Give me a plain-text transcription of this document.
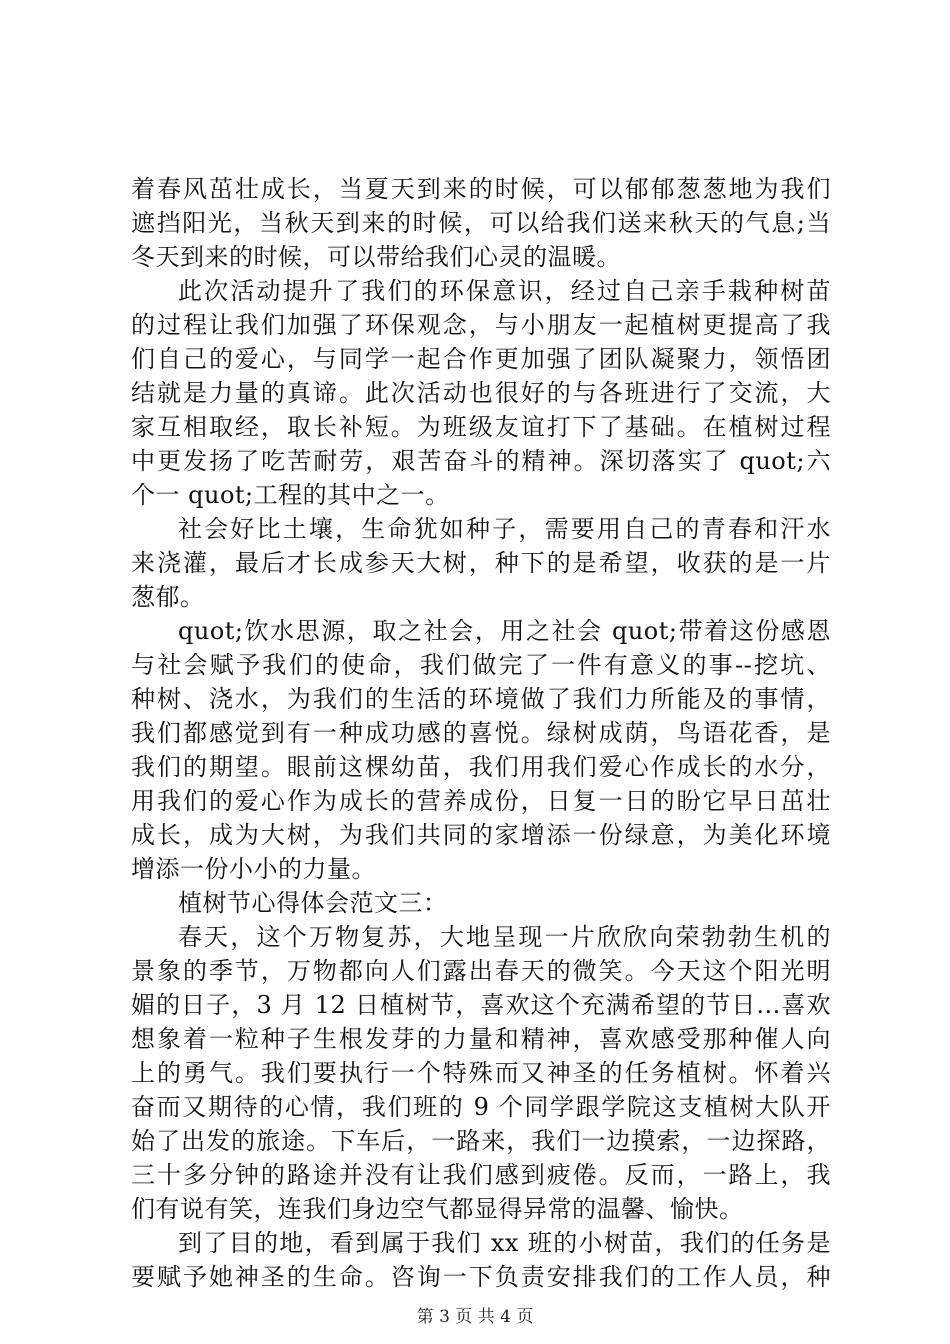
着春风茁壮成长，当夏天到来的时候，可以郁郁葱葱地为我们
遮挡阳光，当秋天到来的时候，可以给我们送来秋天的气息;当
冬天到来的时候，可以带给我们心灵的温暖。
此次活动提升了我们的环保意识，经过自己亲手栽种树苗
的过程让我们加强了环保观念，与小朋友一起植树更提高了我
们自己的爱心，与同学一起合作更加强了团队凝聚力，领悟团
结就是力量的真谛。此次活动也很好的与各班进行了交流，大
家互相取经，取长补短。为班级友谊打下了基础。在植树过程
中更发扬了吃苦耐劳，艰苦奋斗的精神。深切落实了 quot;六
个一 quot;工程的其中之一。
社会好比土壤，生命犹如种子，需要用自己的青春和汗水
来浇灌，最后才长成参天大树，种下的是希望，收获的是一片
葱郁。
quot;饮水思源，取之社会，用之社会 quot;带着这份感恩
与社会赋予我们的使命，我们做完了一件有意义的事--挖坑、
种树、浇水，为我们的生活的环境做了我们力所能及的事情，
我们都感觉到有一种成功感的喜悦。绿树成荫，鸟语花香，是
我们的期望。眼前这棵幼苗，我们用我们爱心作成长的水分，
用我们的爱心作为成长的营养成份，日复一日的盼它早日茁壮
成长，成为大树，为我们共同的家增添一份绿意，为美化环境
增添一份小小的力量。
植树节心得体会范文三：
春天，这个万物复苏，大地呈现一片欣欣向荣勃勃生机的
景象的季节，万物都向人们露出春天的微笑。今天这个阳光明
媚的日子，3 月 12 日植树节，喜欢这个充满希望的节日...喜欢
想象着一粒种子生根发芽的力量和精神，喜欢感受那种催人向
上的勇气。我们要执行一个特殊而又神圣的任务植树。怀着兴
奋而又期待的心情，我们班的 9 个同学跟学院这支植树大队开
始了出发的旅途。下车后，一路来，我们一边摸索，一边探路，
三十多分钟的路途并没有让我们感到疲倦。反而，一路上，我
们有说有笑，连我们身边空气都显得异常的温馨、愉快。
到了目的地，看到属于我们 xx 班的小树苗，我们的任务是
要赋予她神圣的生命。咨询一下负责安排我们的工作人员，种
第 3 页 共 4 页
